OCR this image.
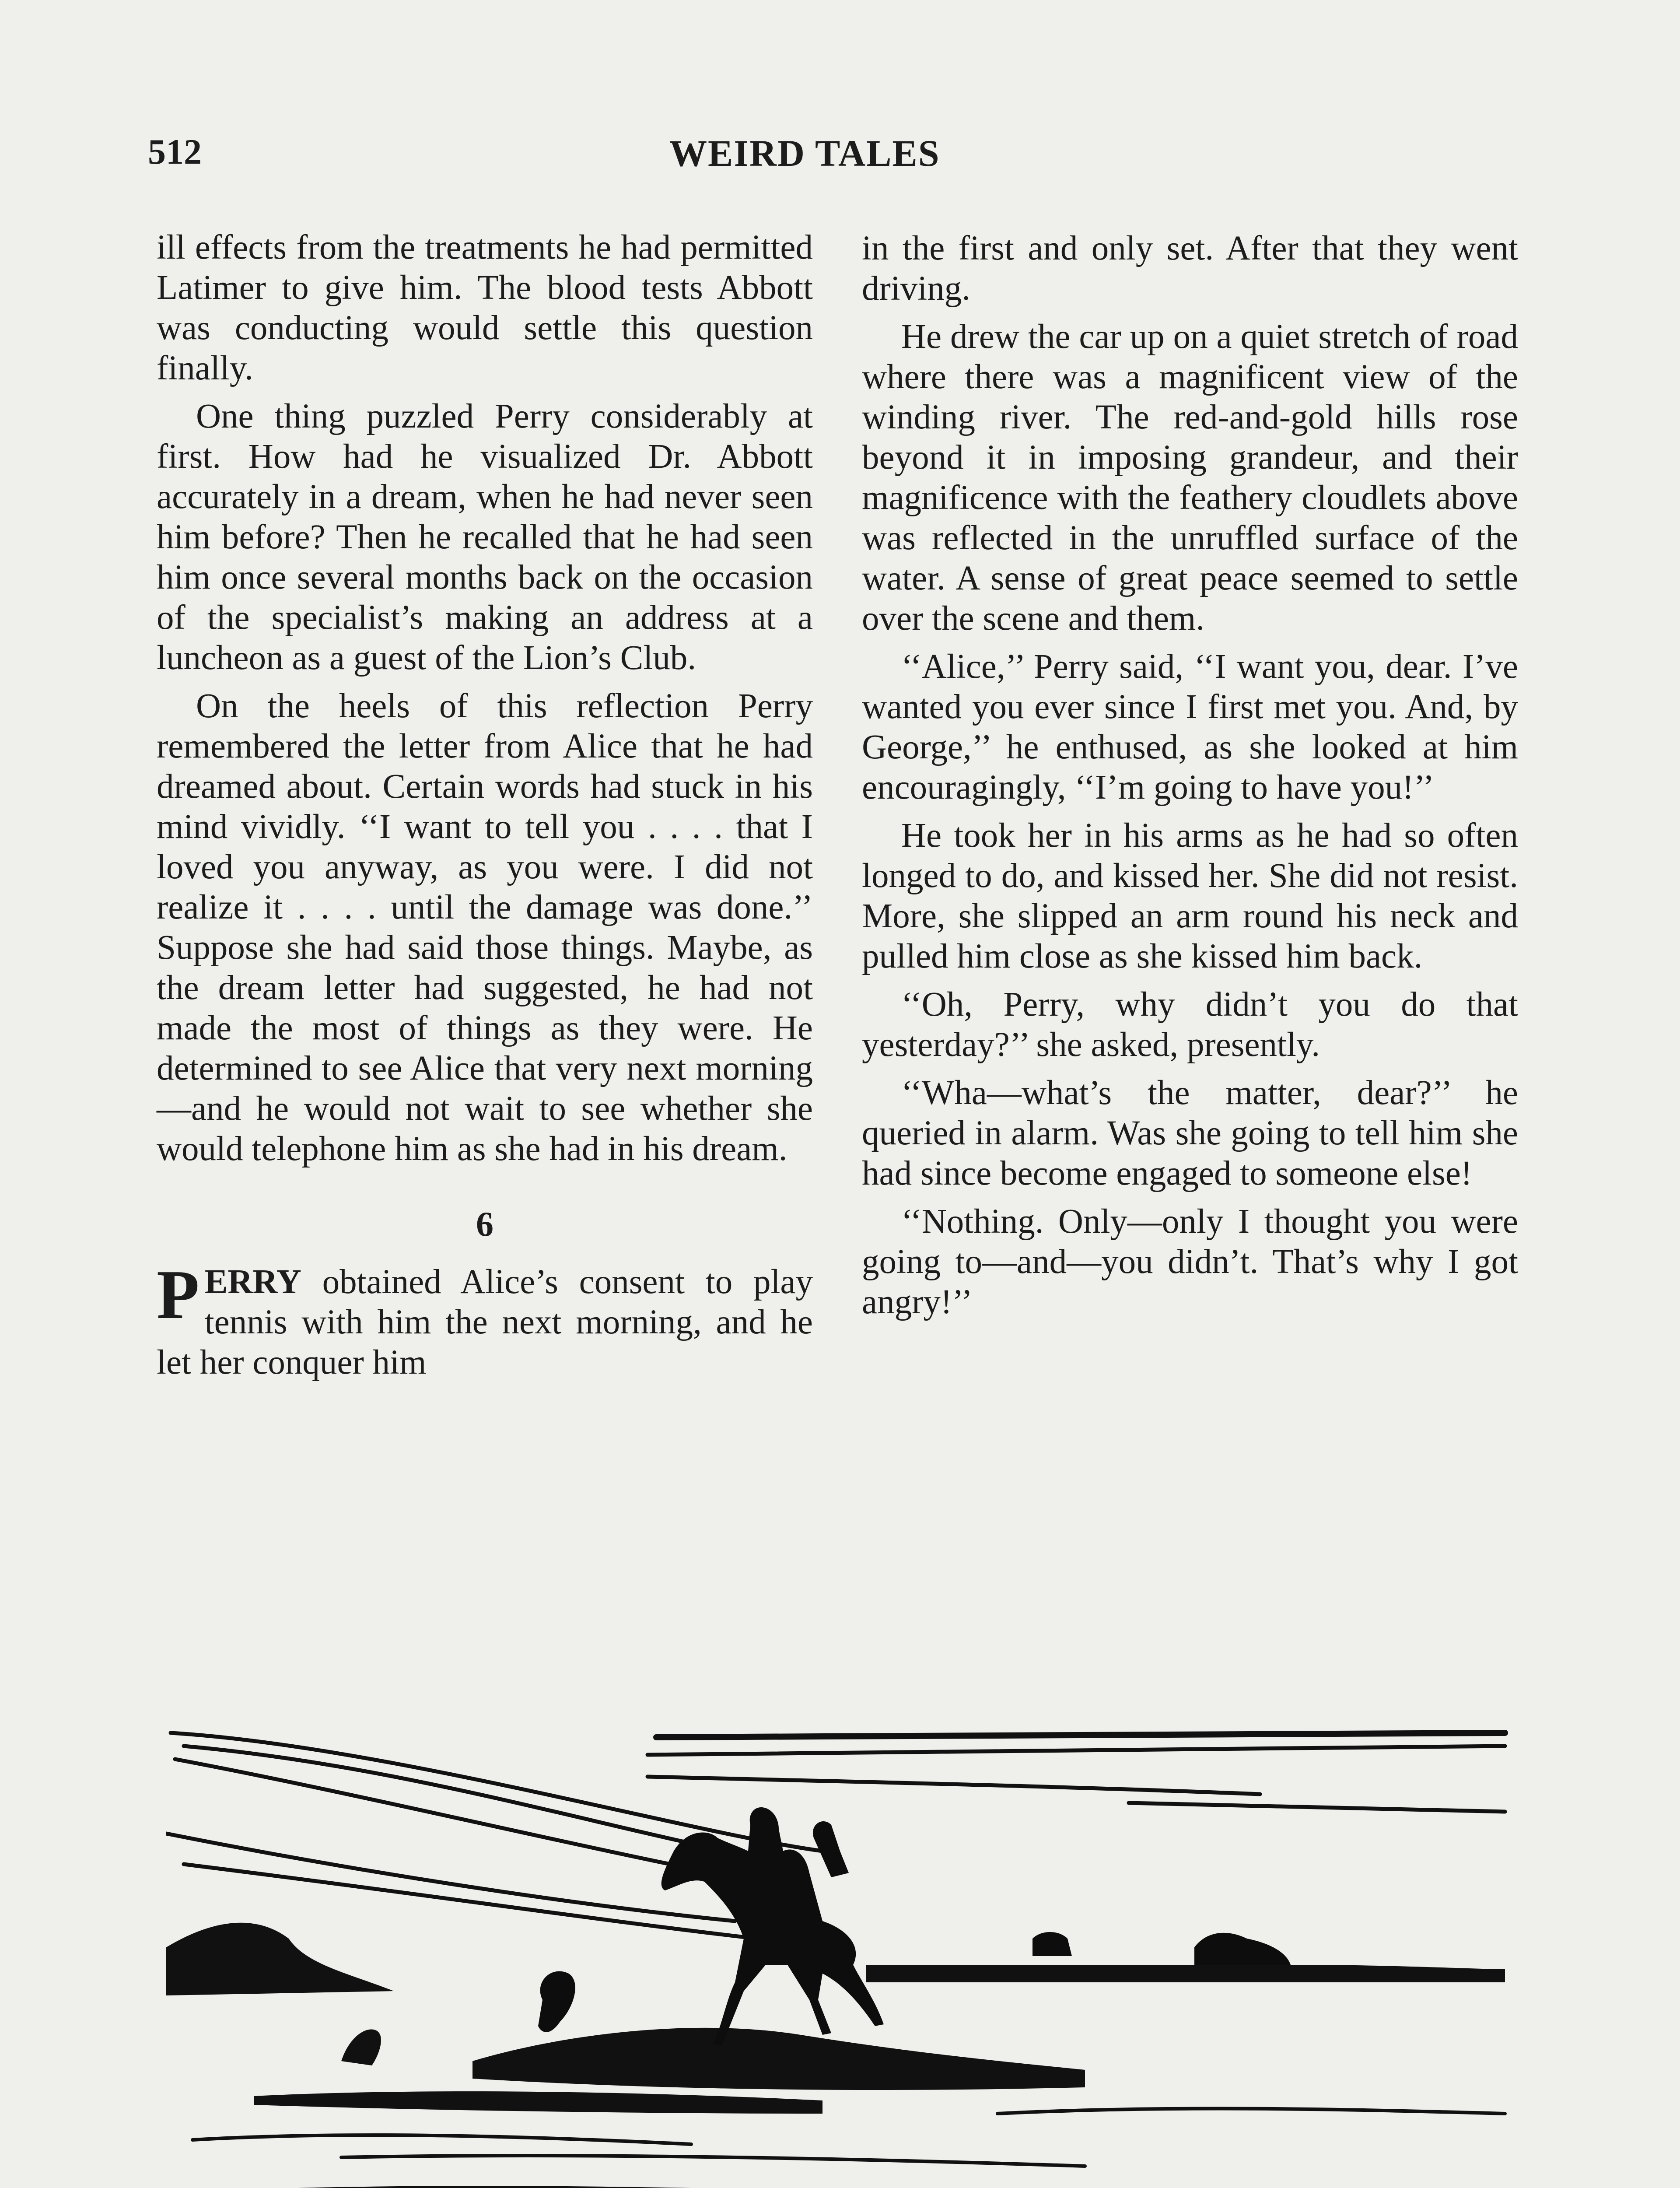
512	WEIRD TALES

ill effects from the treatments he had permitted Latimer to give him. The blood tests Abbott was conducting would settle this question finally.

One thing puzzled Perry considerably at first. How had he visualized Dr. Abbott accurately in a dream, when he had never seen him before? Then he recalled that he had seen him once several months back on the occasion of the specialist’s making an address at a luncheon as a guest of the Lion’s Club.

On the heels of this reflection Perry remembered the letter from Alice that he had dreamed about. Certain words had stuck in his mind vividly. ‘‘I want to tell you . . . . that I loved you anyway, as you were. I did not realize it . . . . until the damage was done.’’ Suppose she had said those things. Maybe, as the dream letter had suggested, he had not made the most of things as they were. He determined to see Alice that very next morning—and he would not wait to see whether she would telephone him as she had in his dream.

6

PERRY obtained Alice’s consent to play tennis with him the next morning, and he let her conquer him

in the first and only set. After that they went driving.

He drew the car up on a quiet stretch of road where there was a magnificent view of the winding river. The red-and-gold hills rose beyond it in imposing grandeur, and their magnificence with the feathery cloudlets above was reflected in the unruffled surface of the water. A sense of great peace seemed to settle over the scene and them.

‘‘Alice,’’ Perry said, ‘‘I want you, dear. I’ve wanted you ever since I first met you. And, by George,’’ he enthused, as she looked at him encouragingly, ‘‘I’m going to have you!’’

He took her in his arms as he had so often longed to do, and kissed her. She did not resist. More, she slipped an arm round his neck and pulled him close as she kissed him back.

‘‘Oh, Perry, why didn’t you do that yesterday?’’ she asked, presently.

‘‘Wha—what’s the matter, dear?’’ he queried in alarm. Was she going to tell him she had since become engaged to someone else!

‘‘Nothing. Only—only I thought you were going to—and—you didn’t. That’s why I got angry!’’
